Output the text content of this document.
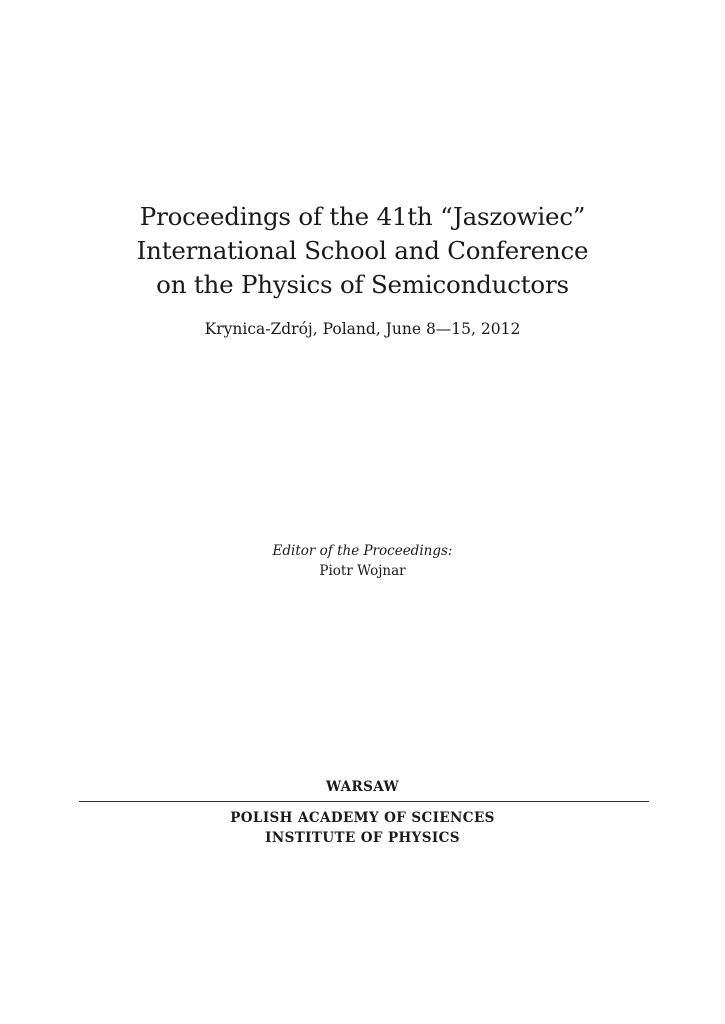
Proceedings of the 41th “Jaszowiec”
International School and Conference
on the Physics of Semiconductors
Krynica-Zdrój, Poland, June 8—15, 2012
Editor of the Proceedings:
Piotr Wojnar
WARSAW
POLISH ACADEMY OF SCIENCES
INSTITUTE OF PHYSICS
